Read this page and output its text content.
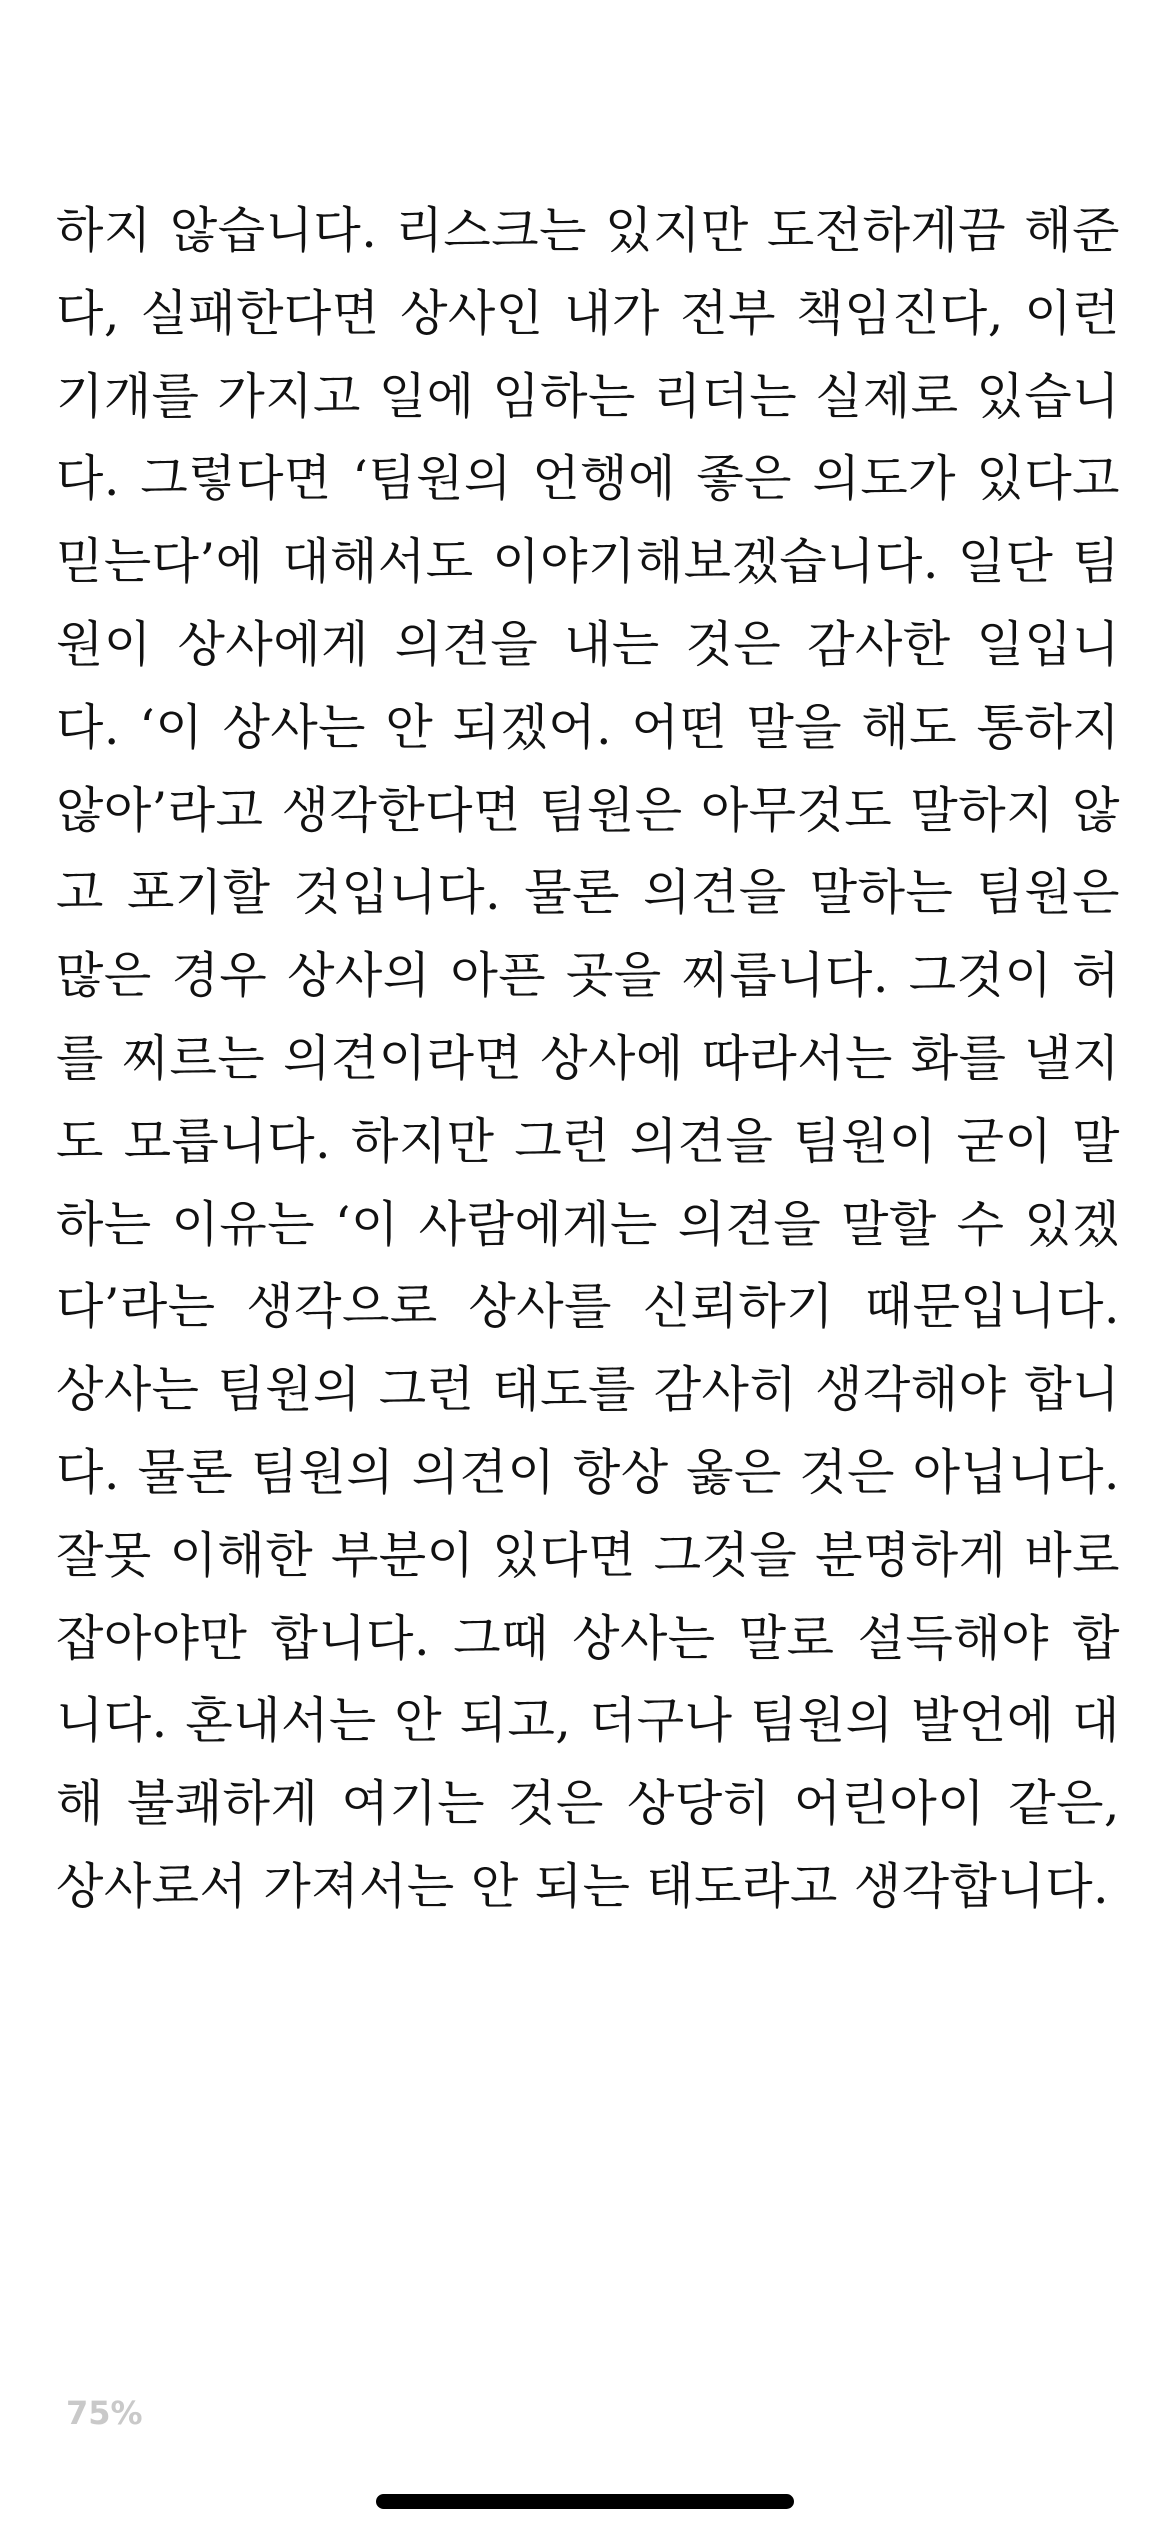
하지 않습니다. 리스크는 있지만 도전하게끔 해준
다, 실패한다면 상사인 내가 전부 책임진다, 이런
기개를 가지고 일에 임하는 리더는 실제로 있습니
다. 그렇다면 ‘팀원의 언행에 좋은 의도가 있다고
믿는다’에 대해서도 이야기해보겠습니다. 일단 팀
원이 상사에게 의견을 내는 것은 감사한 일입니
다. ‘이 상사는 안 되겠어. 어떤 말을 해도 통하지
않아’라고 생각한다면 팀원은 아무것도 말하지 않
고 포기할 것입니다. 물론 의견을 말하는 팀원은
많은 경우 상사의 아픈 곳을 찌릅니다. 그것이 허
를 찌르는 의견이라면 상사에 따라서는 화를 낼지
도 모릅니다. 하지만 그런 의견을 팀원이 굳이 말
하는 이유는 ‘이 사람에게는 의견을 말할 수 있겠
다’라는 생각으로 상사를 신뢰하기 때문입니다.
상사는 팀원의 그런 태도를 감사히 생각해야 합니
다. 물론 팀원의 의견이 항상 옳은 것은 아닙니다.
잘못 이해한 부분이 있다면 그것을 분명하게 바로
잡아야만 합니다. 그때 상사는 말로 설득해야 합
니다. 혼내서는 안 되고, 더구나 팀원의 발언에 대
해 불쾌하게 여기는 것은 상당히 어린아이 같은,
상사로서 가져서는 안 되는 태도라고 생각합니다.
75%
